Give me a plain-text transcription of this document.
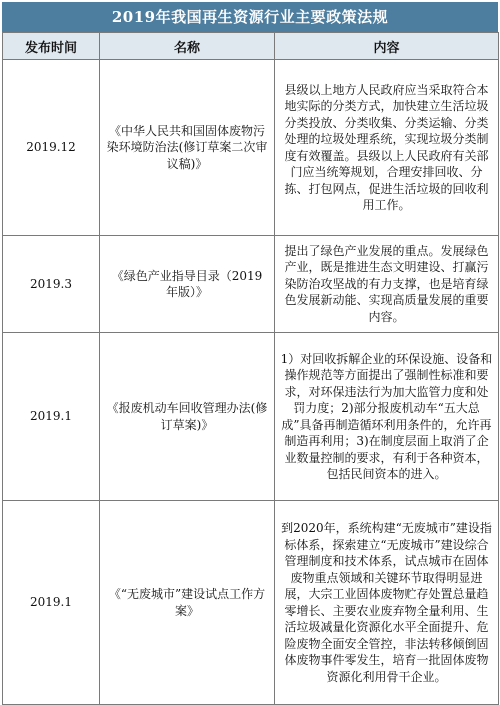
2019年我国再生资源行业主要政策法规
发布时间	名称	内容
2019.12	《中华人民共和国固体废物污染环境防治法(修订草案二次审议稿)》	县级以上地方人民政府应当采取符合本地实际的分类方式，加快建立生活垃圾分类投放、分类收集、分类运输、分类处理的垃圾处理系统，实现垃圾分类制度有效覆盖。县级以上人民政府有关部门应当统筹规划，合理安排回收、分拣、打包网点，促进生活垃圾的回收利用工作。
2019.3	《绿色产业指导目录（2019年版）》	提出了绿色产业发展的重点。发展绿色产业，既是推进生态文明建设、打赢污染防治攻坚战的有力支撑，也是培育绿色发展新动能、实现高质量发展的重要内容。
2019.1	《报废机动车回收管理办法(修订草案)》	1）对回收拆解企业的环保设施、设备和操作规范等方面提出了强制性标准和要求，对环保违法行为加大监管力度和处罚力度；2)部分报废机动车“五大总成”具备再制造循环利用条件的，允许再制造再利用；3)在制度层面上取消了企业数量控制的要求，有利于各种资本，包括民间资本的进入。
2019.1	《“无废城市”建设试点工作方案》	到2020年，系统构建“无废城市”建设指标体系，探索建立“无废城市”建设综合管理制度和技术体系，试点城市在固体废物重点领域和关键环节取得明显进展，大宗工业固体废物贮存处置总量趋零增长、主要农业废弃物全量利用、生活垃圾减量化资源化水平全面提升、危险废物全面安全管控，非法转移倾倒固体废物事件零发生，培育一批固体废物资源化利用骨干企业。
